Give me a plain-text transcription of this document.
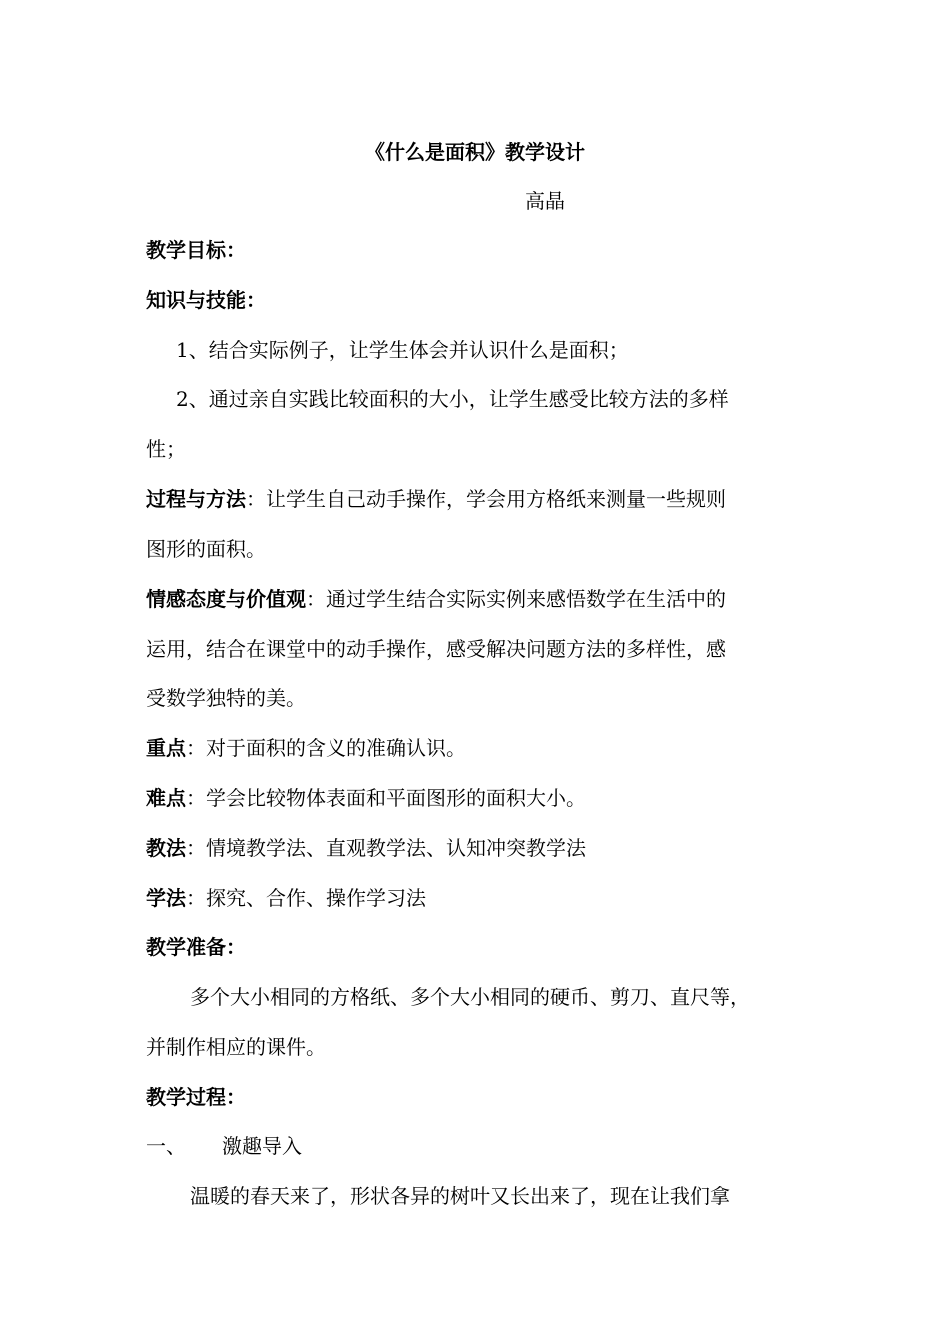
《什么是面积》教学设计
高晶
教学目标：
知识与技能：
1、结合实际例子，让学生体会并认识什么是面积；
2、通过亲自实践比较面积的大小，让学生感受比较方法的多样
性；
过程与方法：让学生自己动手操作，学会用方格纸来测量一些规则
图形的面积。
情感态度与价值观：通过学生结合实际实例来感悟数学在生活中的
运用，结合在课堂中的动手操作，感受解决问题方法的多样性，感
受数学独特的美。
重点：对于面积的含义的准确认识。
难点：学会比较物体表面和平面图形的面积大小。
教法：情境教学法、直观教学法、认知冲突教学法
学法：探究、合作、操作学习法
教学准备：
多个大小相同的方格纸、多个大小相同的硬币、剪刀、直尺等，
并制作相应的课件。
教学过程：
一、 激趣导入
温暖的春天来了，形状各异的树叶又长出来了，现在让我们拿
